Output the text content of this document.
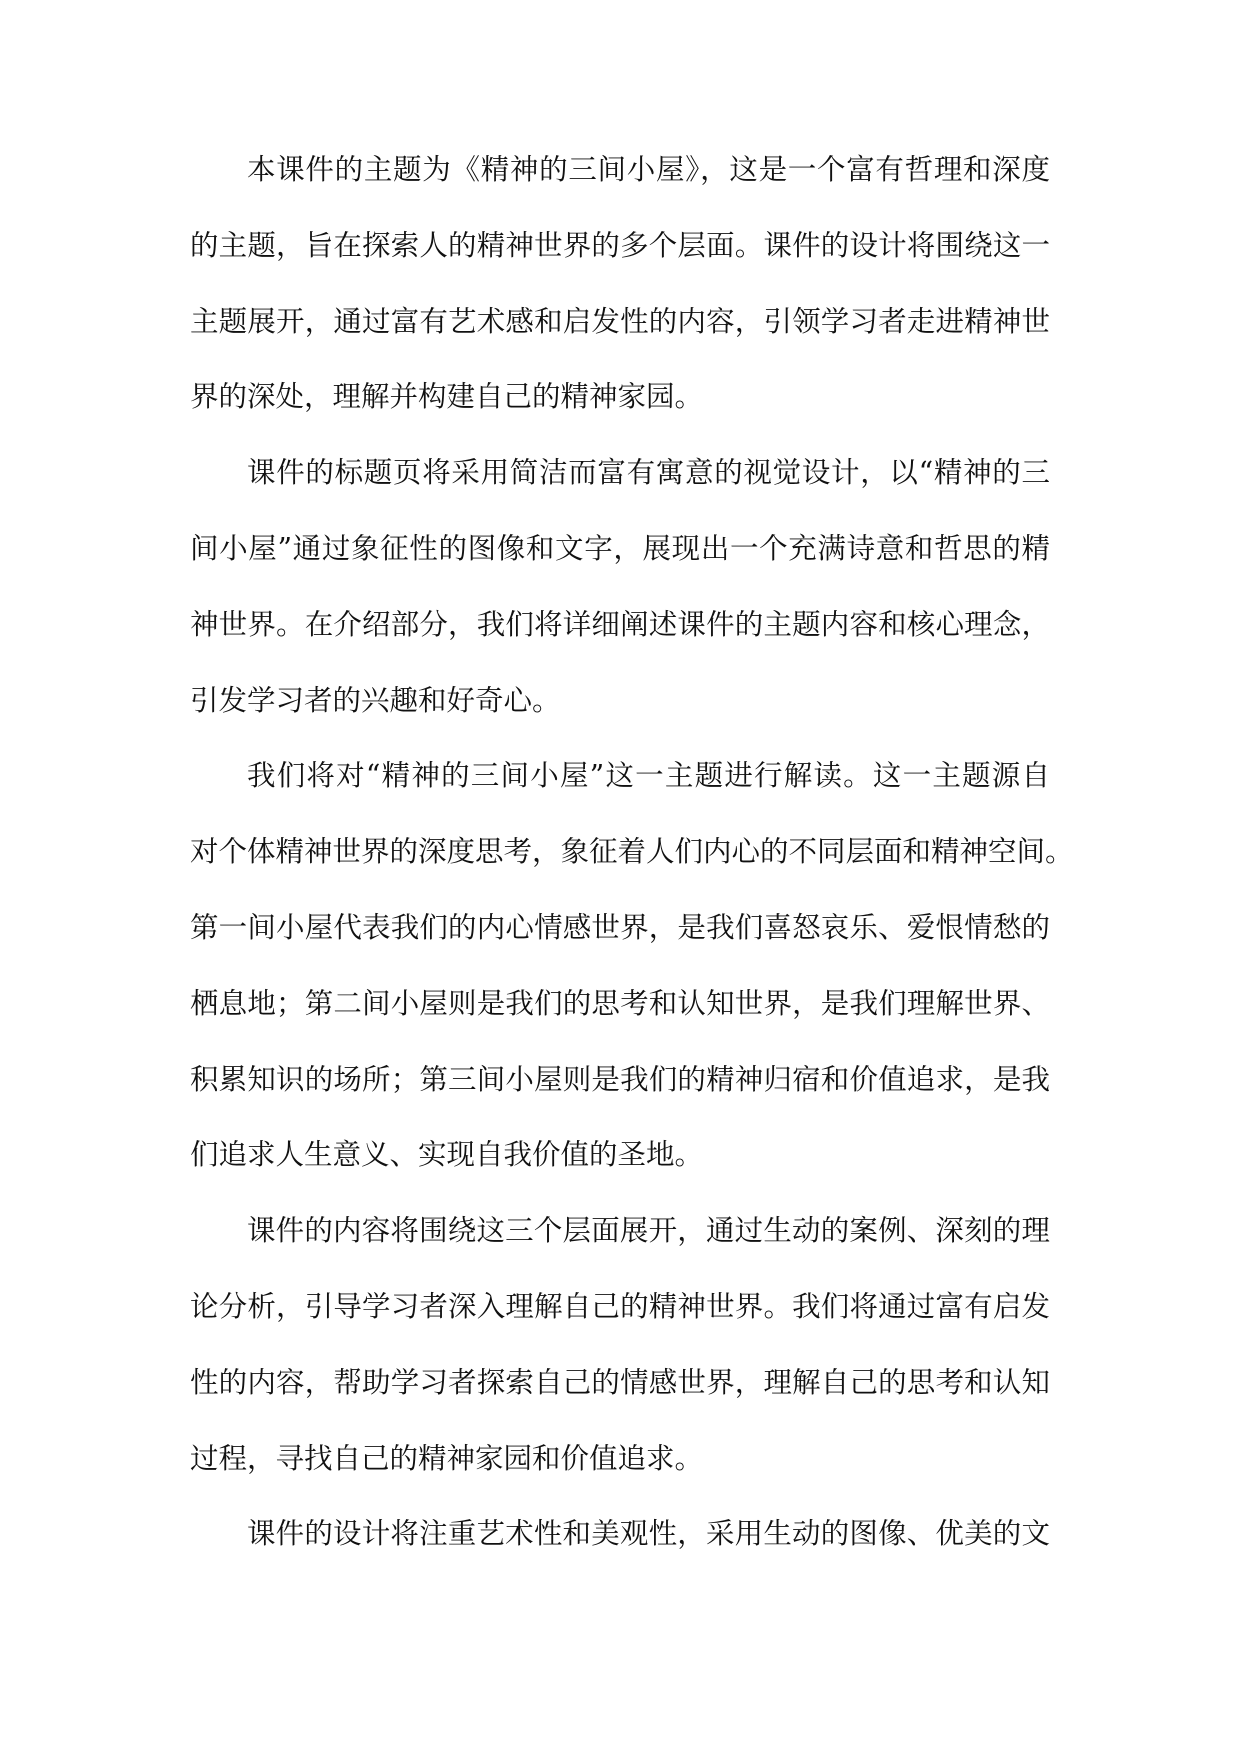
本课件的主题为《精神的三间小屋》，这是一个富有哲理和深度
的主题，旨在探索人的精神世界的多个层面。课件的设计将围绕这一
主题展开，通过富有艺术感和启发性的内容，引领学习者走进精神世
界的深处，理解并构建自己的精神家园。
课件的标题页将采用简洁而富有寓意的视觉设计，以“精神的三
间小屋”通过象征性的图像和文字，展现出一个充满诗意和哲思的精
神世界。在介绍部分，我们将详细阐述课件的主题内容和核心理念，
引发学习者的兴趣和好奇心。
我们将对“精神的三间小屋”这一主题进行解读。这一主题源自
对个体精神世界的深度思考，象征着人们内心的不同层面和精神空间。
第一间小屋代表我们的内心情感世界，是我们喜怒哀乐、爱恨情愁的
栖息地；第二间小屋则是我们的思考和认知世界，是我们理解世界、
积累知识的场所；第三间小屋则是我们的精神归宿和价值追求，是我
们追求人生意义、实现自我价值的圣地。
课件的内容将围绕这三个层面展开，通过生动的案例、深刻的理
论分析，引导学习者深入理解自己的精神世界。我们将通过富有启发
性的内容，帮助学习者探索自己的情感世界，理解自己的思考和认知
过程，寻找自己的精神家园和价值追求。
课件的设计将注重艺术性和美观性，采用生动的图像、优美的文
